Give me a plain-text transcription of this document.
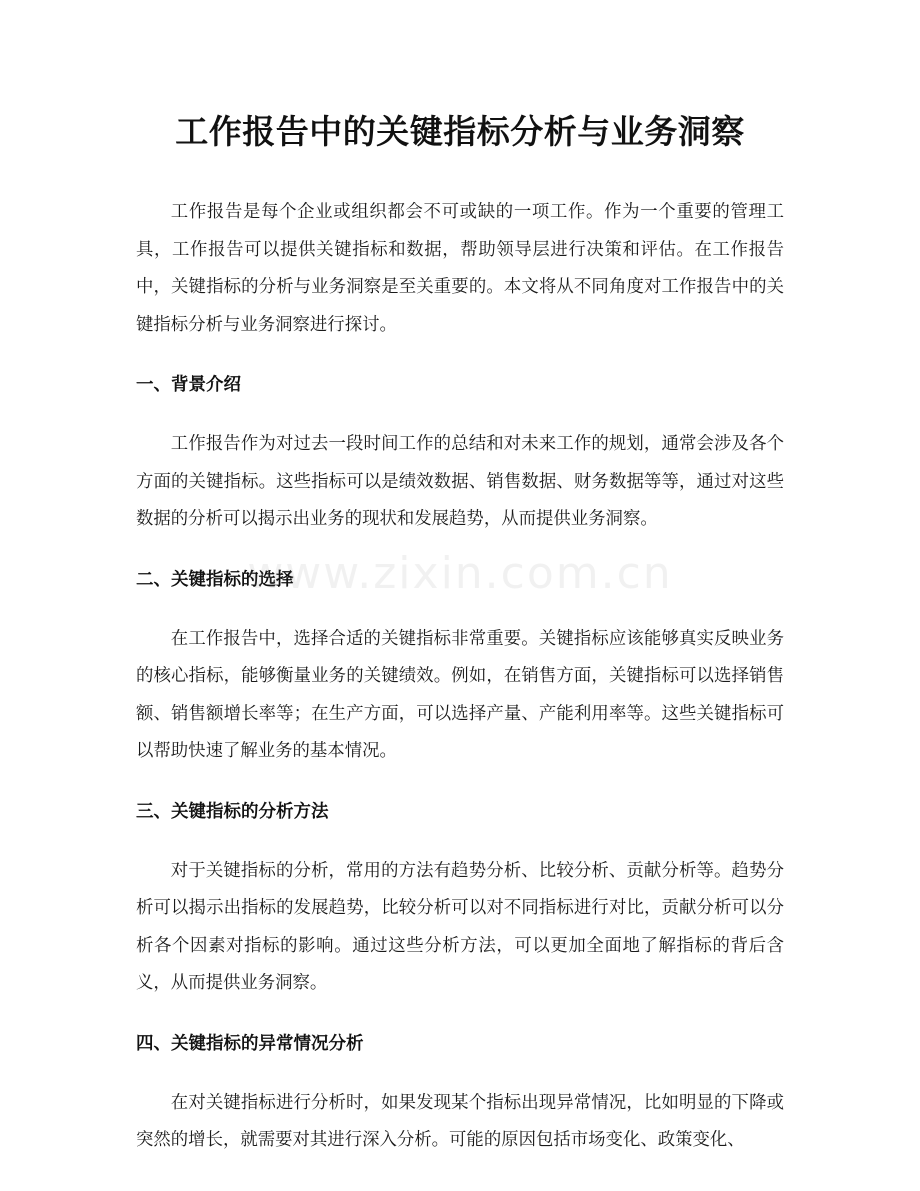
工作报告中的关键指标分析与业务洞察

工作报告是每个企业或组织都会不可或缺的一项工作。作为一个重要的管理工具，工作报告可以提供关键指标和数据，帮助领导层进行决策和评估。在工作报告中，关键指标的分析与业务洞察是至关重要的。本文将从不同角度对工作报告中的关键指标分析与业务洞察进行探讨。

一、背景介绍

工作报告作为对过去一段时间工作的总结和对未来工作的规划，通常会涉及各个方面的关键指标。这些指标可以是绩效数据、销售数据、财务数据等等，通过对这些数据的分析可以揭示出业务的现状和发展趋势，从而提供业务洞察。

二、关键指标的选择

在工作报告中，选择合适的关键指标非常重要。关键指标应该能够真实反映业务的核心指标，能够衡量业务的关键绩效。例如，在销售方面，关键指标可以选择销售额、销售额增长率等；在生产方面，可以选择产量、产能利用率等。这些关键指标可以帮助快速了解业务的基本情况。

三、关键指标的分析方法

对于关键指标的分析，常用的方法有趋势分析、比较分析、贡献分析等。趋势分析可以揭示出指标的发展趋势，比较分析可以对不同指标进行对比，贡献分析可以分析各个因素对指标的影响。通过这些分析方法，可以更加全面地了解指标的背后含义，从而提供业务洞察。

四、关键指标的异常情况分析

在对关键指标进行分析时，如果发现某个指标出现异常情况，比如明显的下降或突然的增长，就需要对其进行深入分析。可能的原因包括市场变化、政策变化、

www.zixin.com.cn
